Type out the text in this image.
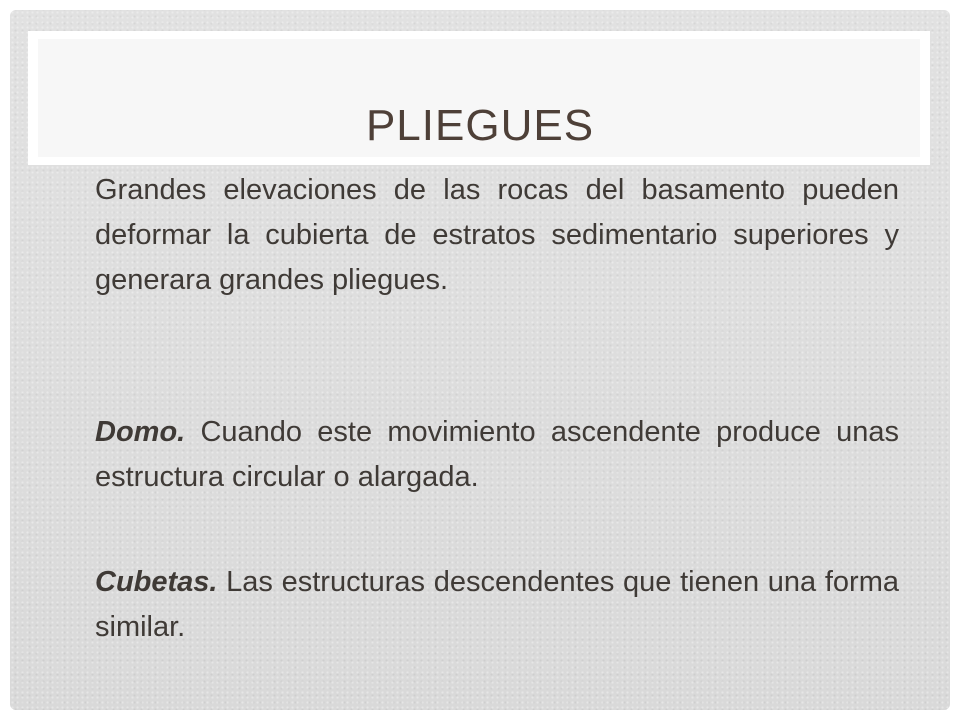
PLIEGUES

Grandes elevaciones de las rocas del basamento pueden deformar la cubierta de estratos sedimentario superiores y generara grandes pliegues.

Domo. Cuando este movimiento ascendente produce unas estructura circular o alargada.

Cubetas. Las estructuras descendentes que tienen una forma similar.
